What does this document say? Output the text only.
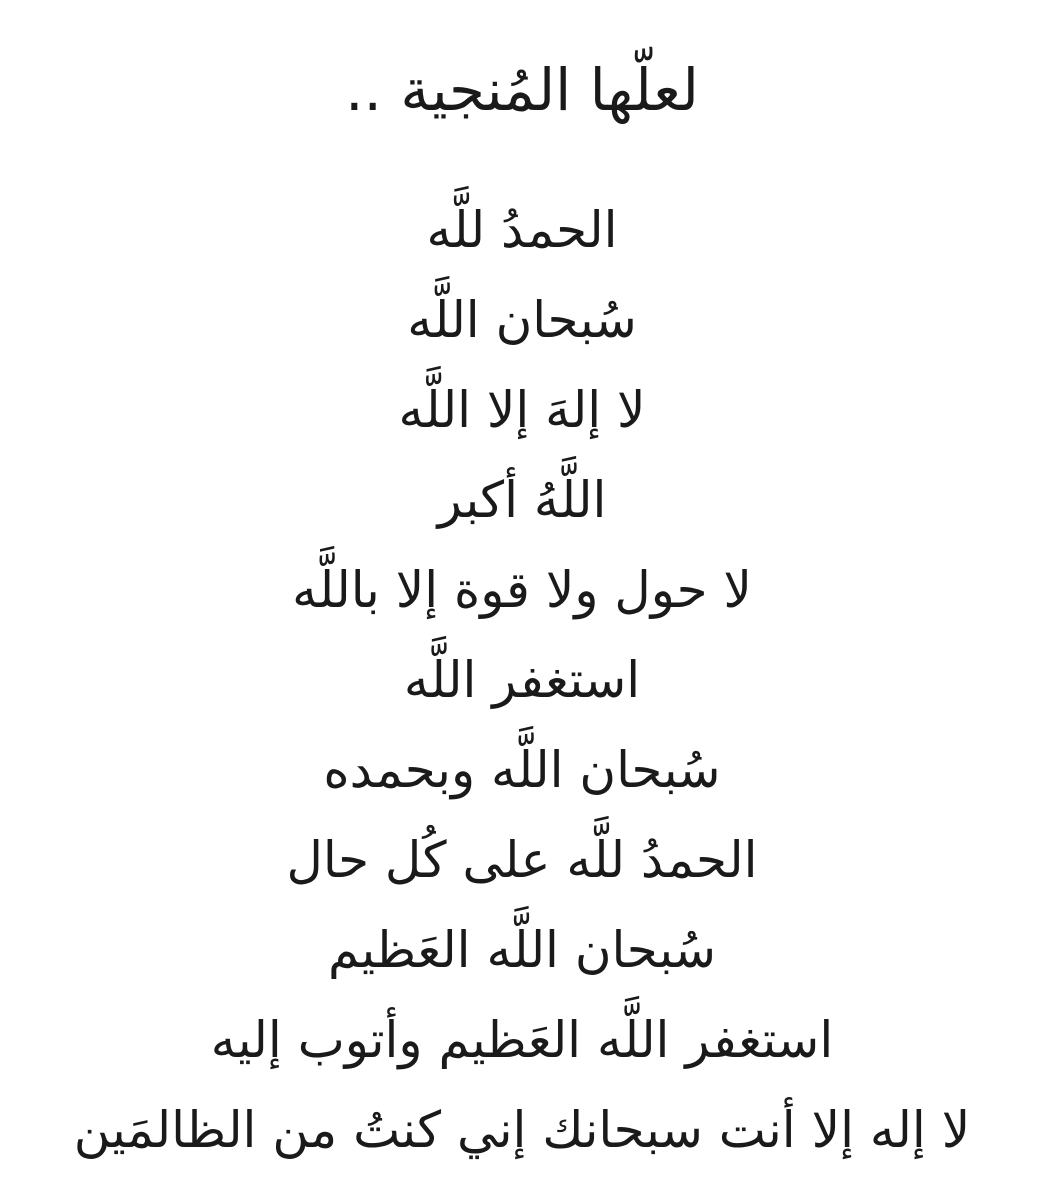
لعلّها المُنجية ..
الحمدُ للَّه
سُبحان اللَّه
لا إلهَ إلا اللَّه
اللَّهُ أكبر
لا حول ولا قوة إلا باللَّه
استغفر اللَّه
سُبحان اللَّه وبحمده
الحمدُ للَّه على كُل حال
سُبحان اللَّه العَظيم
استغفر اللَّه العَظيم وأتوب إليه
لا إله إلا أنت سبحانك إني كنتُ من الظالمَين
